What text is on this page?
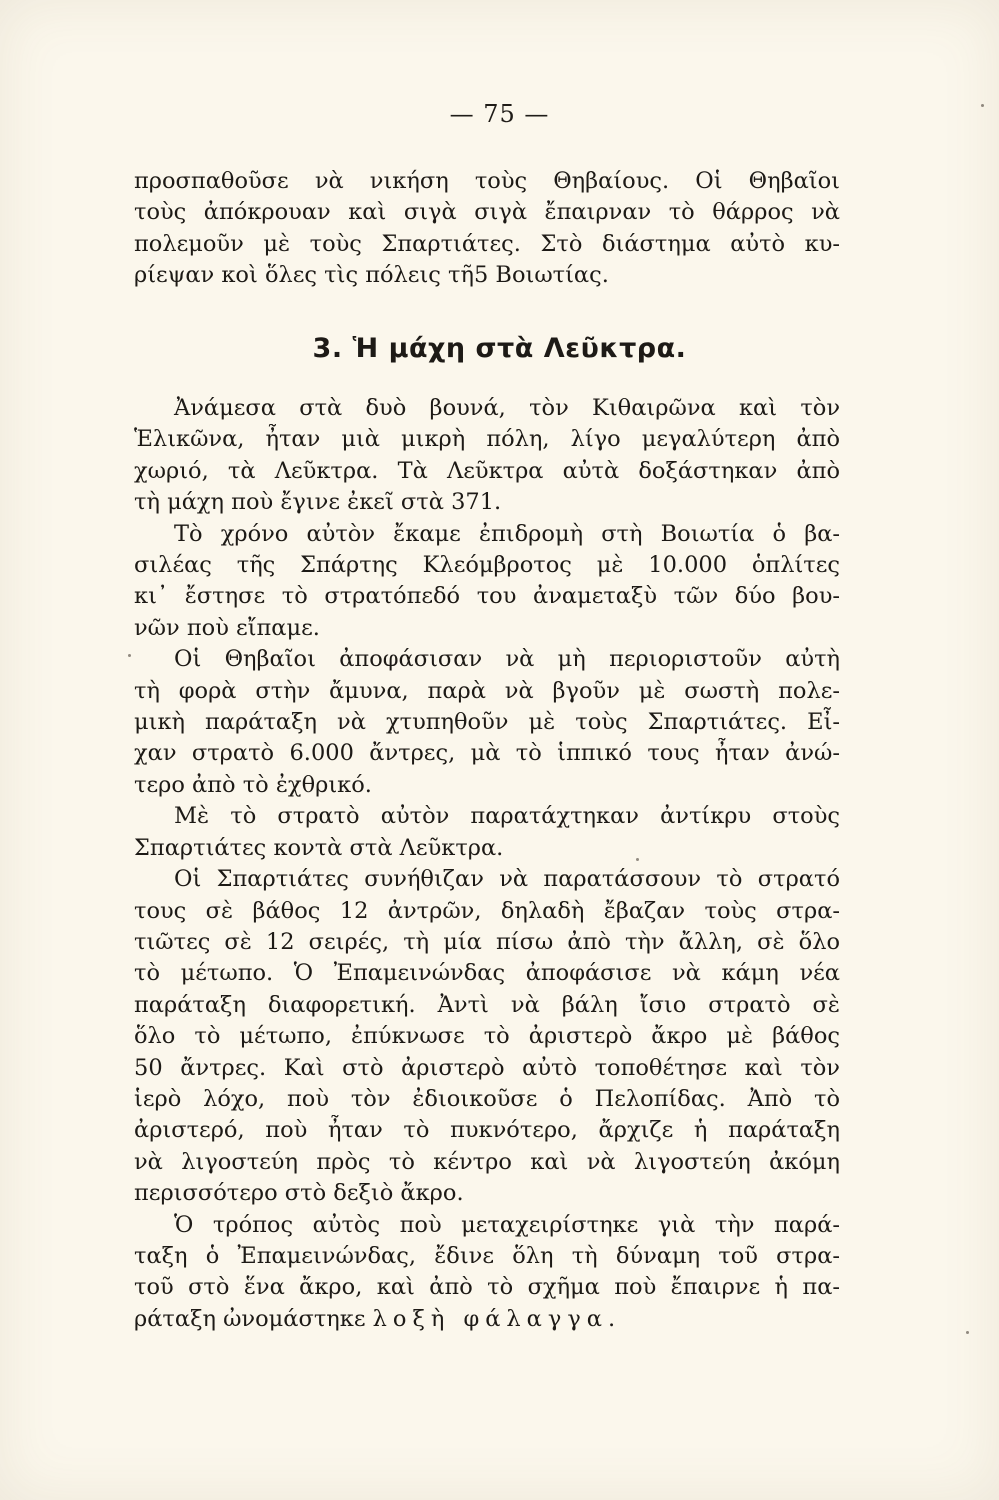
— 75 —
προσπαθοῦσε νὰ νικήση τοὺς Θηβαίους. Οἱ Θηβαῖοι
τοὺς ἀπόκρουαν καὶ σιγὰ σιγὰ ἔπαιρναν τὸ θάρρος νὰ
πολεμοῦν μὲ τοὺς Σπαρτιάτες. Στὸ διάστημα αὐτὸ κυ-
ρίεψαν κοὶ ὅλες τὶς πόλεις τῆ5 Βοιωτίας.
3. Ἡ μάχη στὰ Λεῦκτρα.
Ἀνάμεσα στὰ δυὸ βουνά, τὸν Κιθαιρῶνα καὶ τὸν
Ἑλικῶνα, ἦταν μιὰ μικρὴ πόλη, λίγο μεγαλύτερη ἀπὸ
χωριό, τὰ Λεῦκτρα. Τὰ Λεῦκτρα αὐτὰ δοξάστηκαν ἀπὸ
τὴ μάχη ποὺ ἔγινε ἐκεῖ στὰ 371.
Τὸ χρόνο αὐτὸν ἔκαμε ἐπιδρομὴ στὴ Βοιωτία ὁ βα-
σιλέας τῆς Σπάρτης Κλεόμβροτος μὲ 10.000 ὁπλίτες
κι᾿ ἔστησε τὸ στρατόπεδό του ἀναμεταξὺ τῶν δύο βου-
νῶν ποὺ εἴπαμε.
Οἱ Θηβαῖοι ἀποφάσισαν νὰ μὴ περιοριστοῦν αὐτὴ
τὴ φορὰ στὴν ἄμυνα, παρὰ νὰ βγοῦν μὲ σωστὴ πολε-
μικὴ παράταξη νὰ χτυπηθοῦν μὲ τοὺς Σπαρτιάτες. Εἶ-
χαν στρατὸ 6.000 ἄντρες, μὰ τὸ ἱππικό τους ἦταν ἀνώ-
τερο ἀπὸ τὸ ἐχθρικό.
Μὲ τὸ στρατὸ αὐτὸν παρατάχτηκαν ἀντίκρυ στοὺς
Σπαρτιάτες κοντὰ στὰ Λεῦκτρα.
Οἱ Σπαρτιάτες συνήθιζαν νὰ παρατάσσουν τὸ στρατό
τους σὲ βάθος 12 ἀντρῶν, δηλαδὴ ἔβαζαν τοὺς στρα-
τιῶτες σὲ 12 σειρές, τὴ μία πίσω ἀπὸ τὴν ἄλλη, σὲ ὅλο
τὸ μέτωπο. Ὁ Ἐπαμεινώνδας ἀποφάσισε νὰ κάμη νέα
παράταξη διαφορετική. Ἀντὶ νὰ βάλη ἴσιο στρατὸ σὲ
ὅλο τὸ μέτωπο, ἐπύκνωσε τὸ ἀριστερὸ ἄκρο μὲ βάθος
50 ἄντρες. Καὶ στὸ ἀριστερὸ αὐτὸ τοποθέτησε καὶ τὸν
ἱερὸ λόχο, ποὺ τὸν ἐδιοικοῦσε ὁ Πελοπίδας. Ἀπὸ τὸ
ἀριστερό, ποὺ ἦταν τὸ πυκνότερο, ἄρχιζε ἡ παράταξη
νὰ λιγοστεύη πρὸς τὸ κέντρο καὶ νὰ λιγοστεύη ἀκόμη
περισσότερο στὸ δεξιὸ ἄκρο.
Ὁ τρόπος αὐτὸς ποὺ μεταχειρίστηκε γιὰ τὴν παρά-
ταξη ὁ Ἐπαμεινώνδας, ἔδινε ὅλη τὴ δύναμη τοῦ στρα-
τοῦ στὸ ἕνα ἄκρο, καὶ ἀπὸ τὸ σχῆμα ποὺ ἔπαιρνε ἡ πα-
ράταξη ὠνομάστηκε λοξὴ φάλαγγα.
